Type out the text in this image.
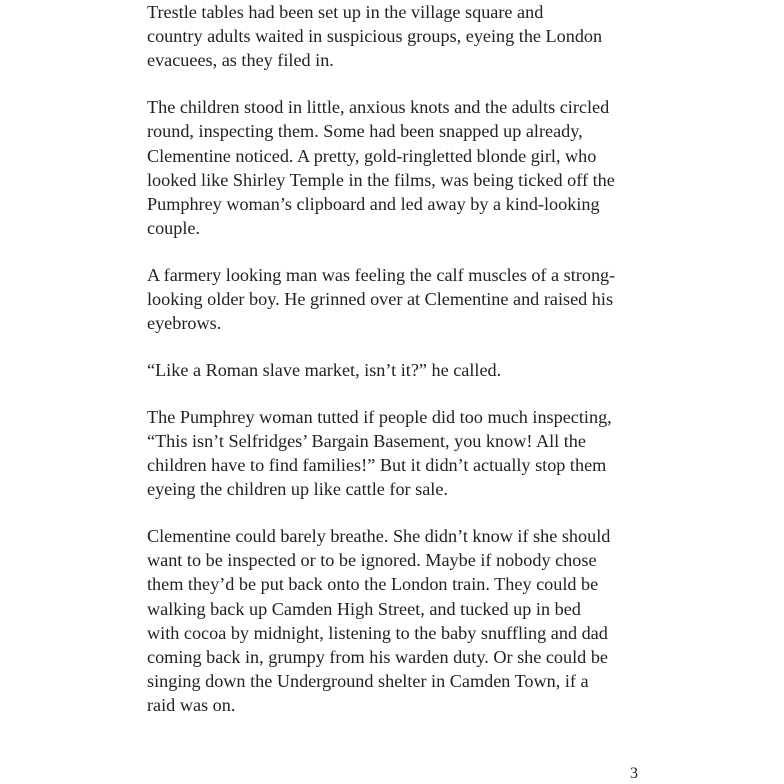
Trestle tables had been set up in the village square and
country adults waited in suspicious groups, eyeing the London
evacuees, as they filed in.

The children stood in little, anxious knots and the adults circled
round, inspecting them. Some had been snapped up already,
Clementine noticed. A pretty, gold-ringletted blonde girl, who
looked like Shirley Temple in the films, was being ticked off the
Pumphrey woman’s clipboard and led away by a kind-looking
couple.

A farmery looking man was feeling the calf muscles of a strong-
looking older boy. He grinned over at Clementine and raised his
eyebrows.

“Like a Roman slave market, isn’t it?” he called.

The Pumphrey woman tutted if people did too much inspecting,
“This isn’t Selfridges’ Bargain Basement, you know! All the
children have to find families!” But it didn’t actually stop them
eyeing the children up like cattle for sale.

Clementine could barely breathe. She didn’t know if she should
want to be inspected or to be ignored. Maybe if nobody chose
them they’d be put back onto the London train. They could be
walking back up Camden High Street, and tucked up in bed
with cocoa by midnight, listening to the baby snuffling and dad
coming back in, grumpy from his warden duty. Or she could be
singing down the Underground shelter in Camden Town, if a
raid was on.

3
